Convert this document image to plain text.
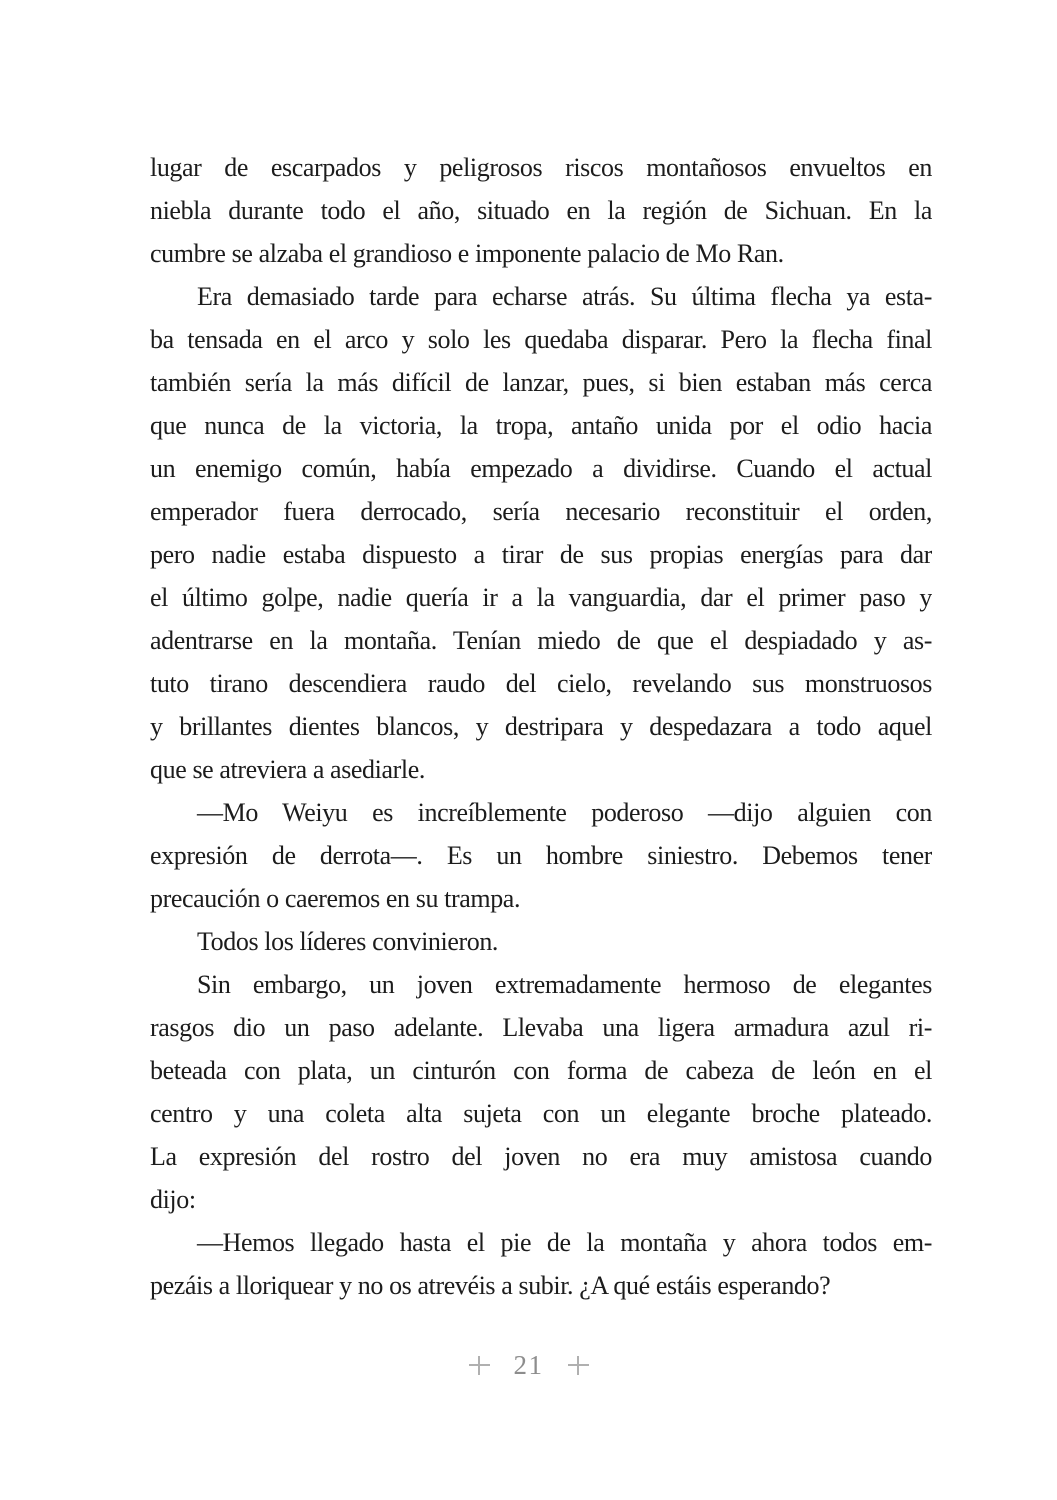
lugar de escarpados y peligrosos riscos montañosos envueltos en
niebla durante todo el año, situado en la región de Sichuan. En la
cumbre se alzaba el grandioso e imponente palacio de Mo Ran.
Era demasiado tarde para echarse atrás. Su última flecha ya esta-
ba tensada en el arco y solo les quedaba disparar. Pero la flecha final
también sería la más difícil de lanzar, pues, si bien estaban más cerca
que nunca de la victoria, la tropa, antaño unida por el odio hacia
un enemigo común, había empezado a dividirse. Cuando el actual
emperador fuera derrocado, sería necesario reconstituir el orden,
pero nadie estaba dispuesto a tirar de sus propias energías para dar
el último golpe, nadie quería ir a la vanguardia, dar el primer paso y
adentrarse en la montaña. Tenían miedo de que el despiadado y as-
tuto tirano descendiera raudo del cielo, revelando sus monstruosos
y brillantes dientes blancos, y destripara y despedazara a todo aquel
que se atreviera a asediarle.
—Mo Weiyu es increíblemente poderoso —dijo alguien con
expresión de derrota—. Es un hombre siniestro. Debemos tener
precaución o caeremos en su trampa.
Todos los líderes convinieron.
Sin embargo, un joven extremadamente hermoso de elegantes
rasgos dio un paso adelante. Llevaba una ligera armadura azul ri-
beteada con plata, un cinturón con forma de cabeza de león en el
centro y una coleta alta sujeta con un elegante broche plateado.
La expresión del rostro del joven no era muy amistosa cuando
dijo:
—Hemos llegado hasta el pie de la montaña y ahora todos em-
pezáis a lloriquear y no os atrevéis a subir. ¿A qué estáis esperando?
21
